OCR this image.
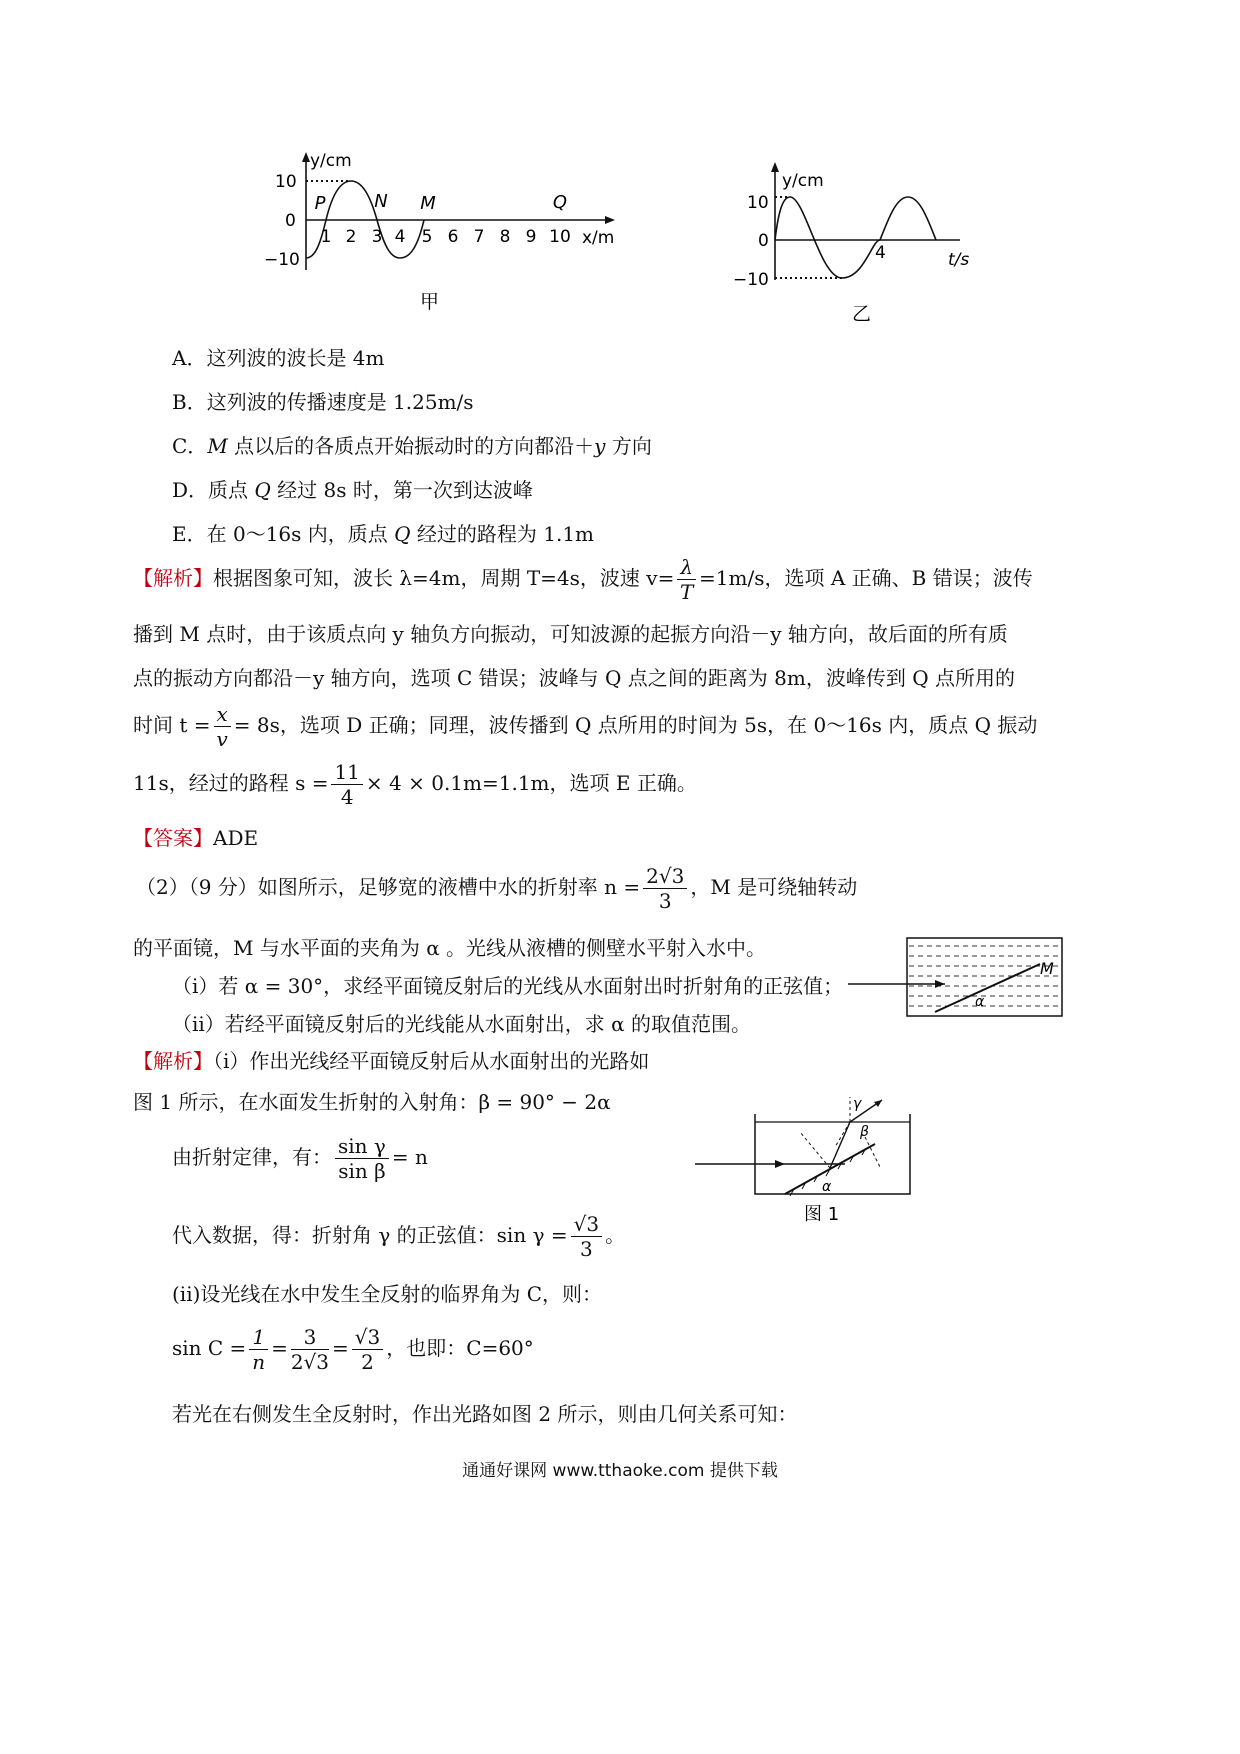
y/cm
x/m
10
0
−10
1 2 3 4 5 6 7 8 9 10
P	N M	Q
甲
y/cm
t/s
10
0
−10
4
乙
A．这列波的波长是 4m
B．这列波的传播速度是 1.25m/s
C．M 点以后的各质点开始振动时的方向都沿＋y 方向
D．质点 Q 经过 8s 时，第一次到达波峰
E．在 0～16s 内，质点 Q 经过的路程为 1.1m
【解析】根据图象可知，波长 λ=4m，周期 T=4s，波速 $v= \frac{\lambda}{T} =1m/s$，选项 A 正确、B 错误；波传
播到 M 点时，由于该质点向 y 轴负方向振动，可知波源的起振方向沿－y 轴方向，故后面的所有质
点的振动方向都沿－y 轴方向，选项 C 错误；波峰与 Q 点之间的距离为 8m，波峰传到 Q 点所用的
时间 $t = \frac{x}{v} = 8s$，选项 D 正确；同理，波传播到 Q 点所用的时间为 5s，在 0～16s 内，质点 Q 振动
11s，经过的路程 $s = \frac{11}{4} \times 4 \times 0.1m=1.1m$，选项 E 正确。
【答案】ADE
（2）（9 分）如图所示，足够宽的液槽中水的折射率 $n = \frac{2√3}{3}$ ，M 是可绕轴转动
的平面镜，M 与水平面的夹角为 α 。光线从液槽的侧壁水平射入水中。
（i）若 α = 30°，求经平面镜反射后的光线从水面射出时折射角的正弦值；
（ii）若经平面镜反射后的光线能从水面射出，求 α 的取值范围。
M
α
【解析】（i）作出光线经平面镜反射后从水面射出的光路如
图 1 所示，在水面发生折射的入射角：β = 90° − 2α
由折射定律，有： $\frac{\text{sin γ}}{\text{sin β}} = n$
代入数据，得：折射角 γ 的正弦值：$\sin \gamma = \frac{√3}{3}$ 。
(ii)设光线在水中发生全反射的临界角为 C，则：
$\sin C = \frac{1}{n} = \frac{3}{2√3} = \frac{√3}{2}$ ，也即：C=60°
若光在右侧发生全反射时，作出光路如图 2 所示，则由几何关系可知：
γ
β
α
图 1
通通好课网 www.tthaoke.com 提供下载
